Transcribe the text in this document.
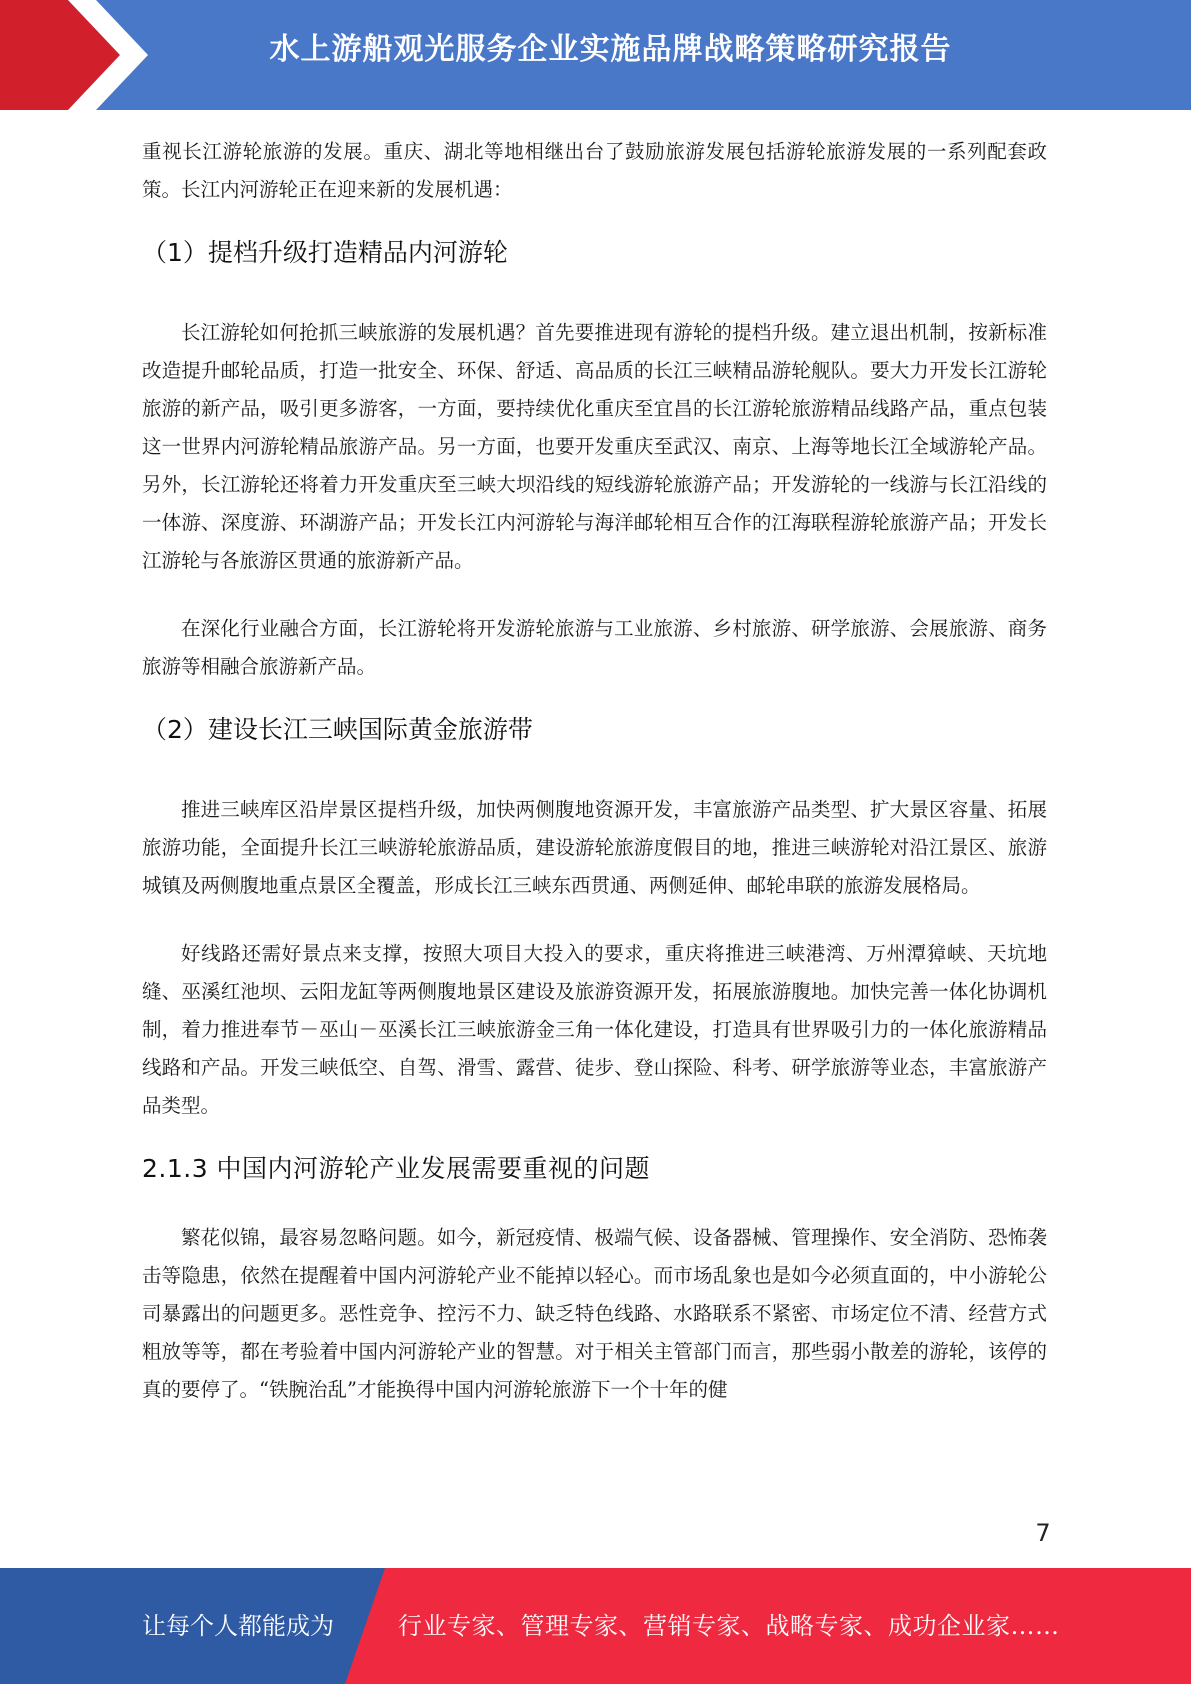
水上游船观光服务企业实施品牌战略策略研究报告

重视长江游轮旅游的发展。重庆、湖北等地相继出台了鼓励旅游发展包括游轮旅游发展的一系列配套政策。长江内河游轮正在迎来新的发展机遇：

（1）提档升级打造精品内河游轮

长江游轮如何抢抓三峡旅游的发展机遇？首先要推进现有游轮的提档升级。建立退出机制，按新标准改造提升邮轮品质，打造一批安全、环保、舒适、高品质的长江三峡精品游轮舰队。要大力开发长江游轮旅游的新产品，吸引更多游客，一方面，要持续优化重庆至宜昌的长江游轮旅游精品线路产品，重点包装这一世界内河游轮精品旅游产品。另一方面，也要开发重庆至武汉、南京、上海等地长江全域游轮产品。另外，长江游轮还将着力开发重庆至三峡大坝沿线的短线游轮旅游产品；开发游轮的一线游与长江沿线的一体游、深度游、环湖游产品；开发长江内河游轮与海洋邮轮相互合作的江海联程游轮旅游产品；开发长江游轮与各旅游区贯通的旅游新产品。

在深化行业融合方面，长江游轮将开发游轮旅游与工业旅游、乡村旅游、研学旅游、会展旅游、商务旅游等相融合旅游新产品。

（2）建设长江三峡国际黄金旅游带

推进三峡库区沿岸景区提档升级，加快两侧腹地资源开发，丰富旅游产品类型、扩大景区容量、拓展旅游功能，全面提升长江三峡游轮旅游品质，建设游轮旅游度假目的地，推进三峡游轮对沿江景区、旅游城镇及两侧腹地重点景区全覆盖，形成长江三峡东西贯通、两侧延伸、邮轮串联的旅游发展格局。

好线路还需好景点来支撑，按照大项目大投入的要求，重庆将推进三峡港湾、万州潭獐峡、天坑地缝、巫溪红池坝、云阳龙缸等两侧腹地景区建设及旅游资源开发，拓展旅游腹地。加快完善一体化协调机制，着力推进奉节－巫山－巫溪长江三峡旅游金三角一体化建设，打造具有世界吸引力的一体化旅游精品线路和产品。开发三峡低空、自驾、滑雪、露营、徒步、登山探险、科考、研学旅游等业态，丰富旅游产品类型。

2.1.3 中国内河游轮产业发展需要重视的问题

繁花似锦，最容易忽略问题。如今，新冠疫情、极端气候、设备器械、管理操作、安全消防、恐怖袭击等隐患，依然在提醒着中国内河游轮产业不能掉以轻心。而市场乱象也是如今必须直面的，中小游轮公司暴露出的问题更多。恶性竞争、控污不力、缺乏特色线路、水路联系不紧密、市场定位不清、经营方式粗放等等，都在考验着中国内河游轮产业的智慧。对于相关主管部门而言，那些弱小散差的游轮，该停的真的要停了。“铁腕治乱”才能换得中国内河游轮旅游下一个十年的健

7
让每个人都能成为	行业专家、管理专家、营销专家、战略专家、成功企业家……
